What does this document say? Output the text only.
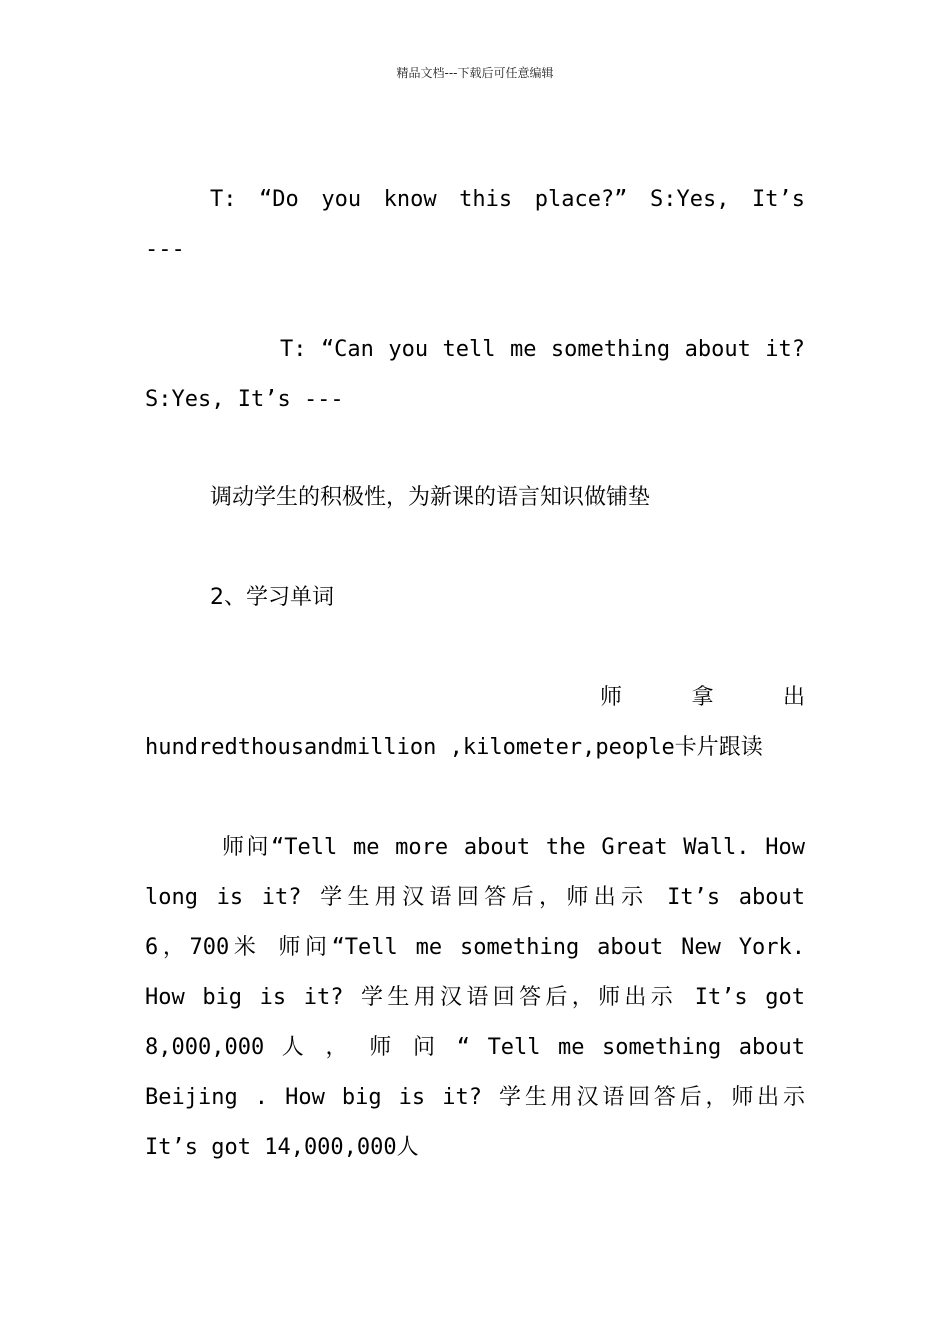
精品文档---下载后可任意编辑
T: “Do you know this place?” S:Yes, It’s
---
T: “Can you tell me something about it?
S:Yes, It’s ---
调动学生的积极性，为新课的语言知识做铺垫
2、学习单词
师　拿　出
hundredthousandmillion ,kilometer,people卡片跟读
师问“Tell me more about the Great Wall. How
long is it? 学生用汉语回答后，师出示 It’s about
6，700米 师问“Tell me something about New York.
How big is it? 学生用汉语回答后，师出示 It’s got
8,000,000 人 ， 师 问 “ Tell me something about
Beijing . How big is it? 学生用汉语回答后，师出示
It’s got 14,000,000人
